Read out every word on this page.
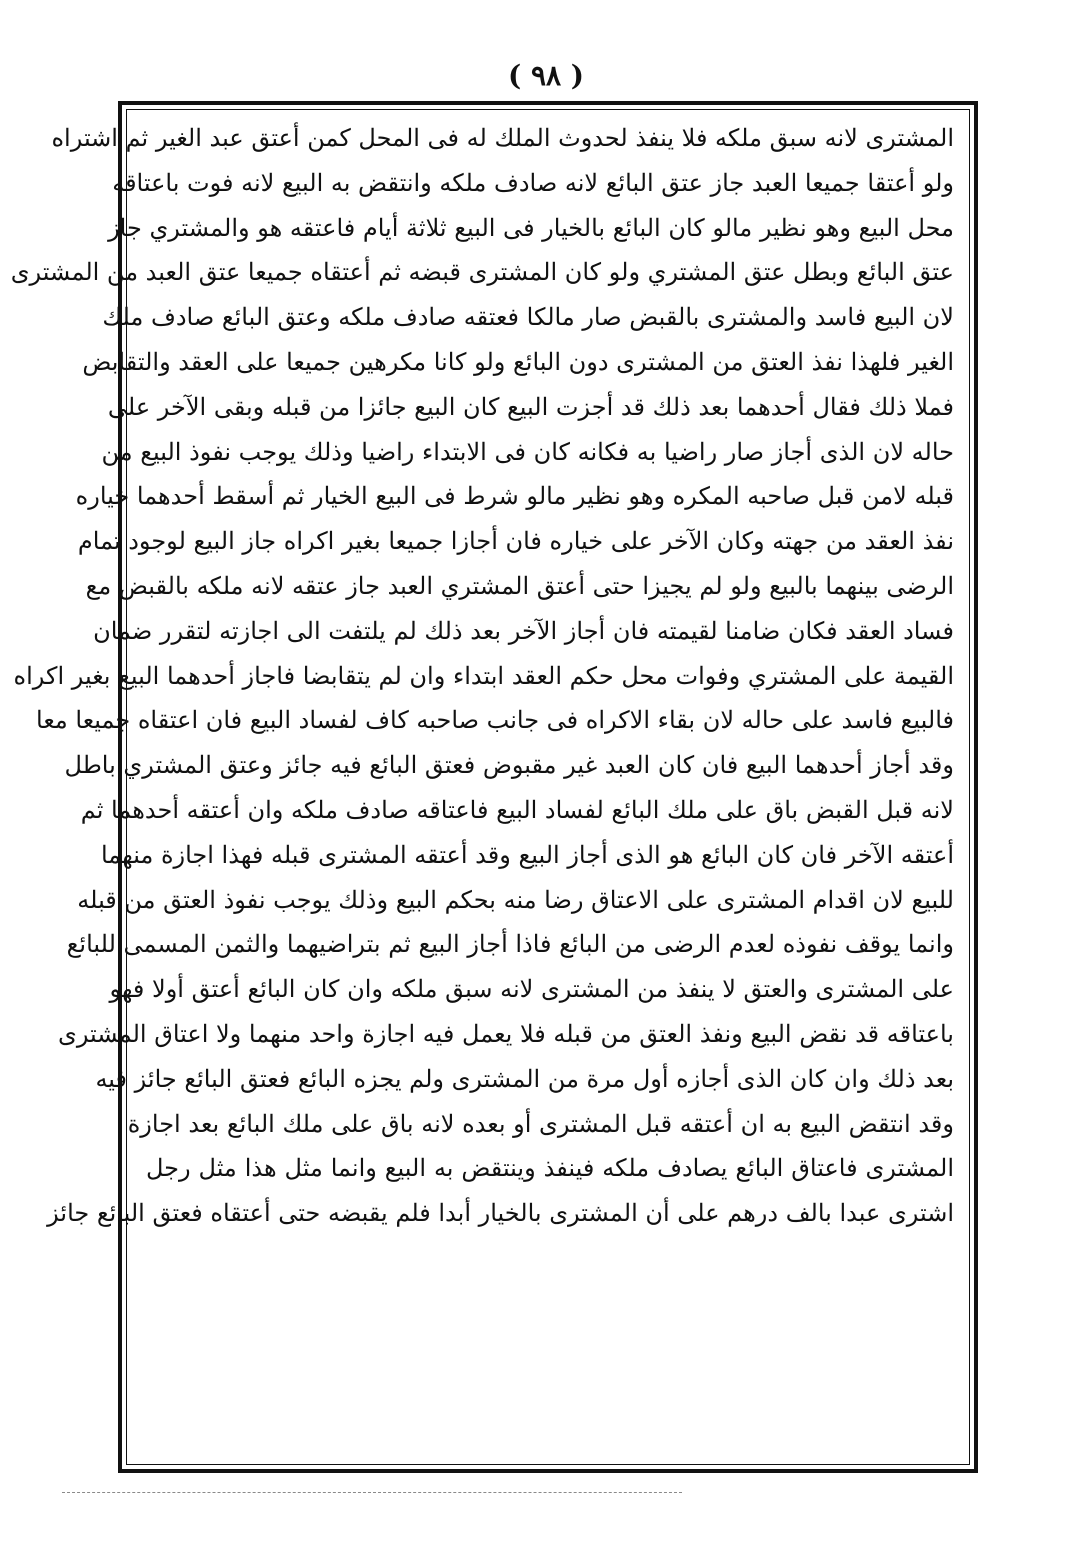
( ٩٨ )
المشترى لانه سبق ملكه فلا ينفذ لحدوث الملك له فى المحل كمن أعتق عبد الغير ثم اشتراه
ولو أعتقا جميعا العبد جاز عتق البائع لانه صادف ملكه وانتقض به البيع لانه فوت باعتاقه
محل البيع وهو نظير مالو كان البائع بالخيار فى البيع ثلاثة أيام فاعتقه هو والمشتري جاز
عتق البائع وبطل عتق المشتري ولو كان المشترى قبضه ثم أعتقاه جميعا عتق العبد من المشترى
لان البيع فاسد والمشترى بالقبض صار مالكا فعتقه صادف ملكه وعتق البائع صادف ملك
الغير فلهذا نفذ العتق من المشترى دون البائع ولو كانا مكرهين جميعا على العقد والتقابض
فملا ذلك فقال أحدهما بعد ذلك قد أجزت البيع كان البيع جائزا من قبله وبقى الآخر على
حاله لان الذى أجاز صار راضيا به فكانه كان فى الابتداء راضيا وذلك يوجب نفوذ البيع من
قبله لامن قبل صاحبه المكره وهو نظير مالو شرط فى البيع الخيار ثم أسقط أحدهما خياره
نفذ العقد من جهته وكان الآخر على خياره فان أجازا جميعا بغير اكراه جاز البيع لوجود تمام
الرضى بينهما بالبيع ولو لم يجيزا حتى أعتق المشتري العبد جاز عتقه لانه ملكه بالقبض مع
فساد العقد فكان ضامنا لقيمته فان أجاز الآخر بعد ذلك لم يلتفت الى اجازته لتقرر ضمان
القيمة على المشتري وفوات محل حكم العقد ابتداء وان لم يتقابضا فاجاز أحدهما البيع بغير اكراه
فالبيع فاسد على حاله لان بقاء الاكراه فى جانب صاحبه كاف لفساد البيع فان اعتقاه جميعا معا
وقد أجاز أحدهما البيع فان كان العبد غير مقبوض فعتق البائع فيه جائز وعتق المشتري باطل
لانه قبل القبض باق على ملك البائع لفساد البيع فاعتاقه صادف ملكه وان أعتقه أحدهما ثم
أعتقه الآخر فان كان البائع هو الذى أجاز البيع وقد أعتقه المشترى قبله فهذا اجازة منهما
للبيع لان اقدام المشترى على الاعتاق رضا منه بحكم البيع وذلك يوجب نفوذ العتق من قبله
وانما يوقف نفوذه لعدم الرضى من البائع فاذا أجاز البيع ثم بتراضيهما والثمن المسمى للبائع
على المشترى والعتق لا ينفذ من المشترى لانه سبق ملكه وان كان البائع أعتق أولا فهو
باعتاقه قد نقض البيع ونفذ العتق من قبله فلا يعمل فيه اجازة واحد منهما ولا اعتاق المشترى
بعد ذلك وان كان الذى أجازه أول مرة من المشترى ولم يجزه البائع فعتق البائع جائز فيه
وقد انتقض البيع به ان أعتقه قبل المشترى أو بعده لانه باق على ملك البائع بعد اجازة
المشترى فاعتاق البائع يصادف ملكه فينفذ وينتقض به البيع وانما مثل هذا مثل رجل
اشترى عبدا بالف درهم على أن المشترى بالخيار أبدا فلم يقبضه حتى أعتقاه فعتق البائع جائز
